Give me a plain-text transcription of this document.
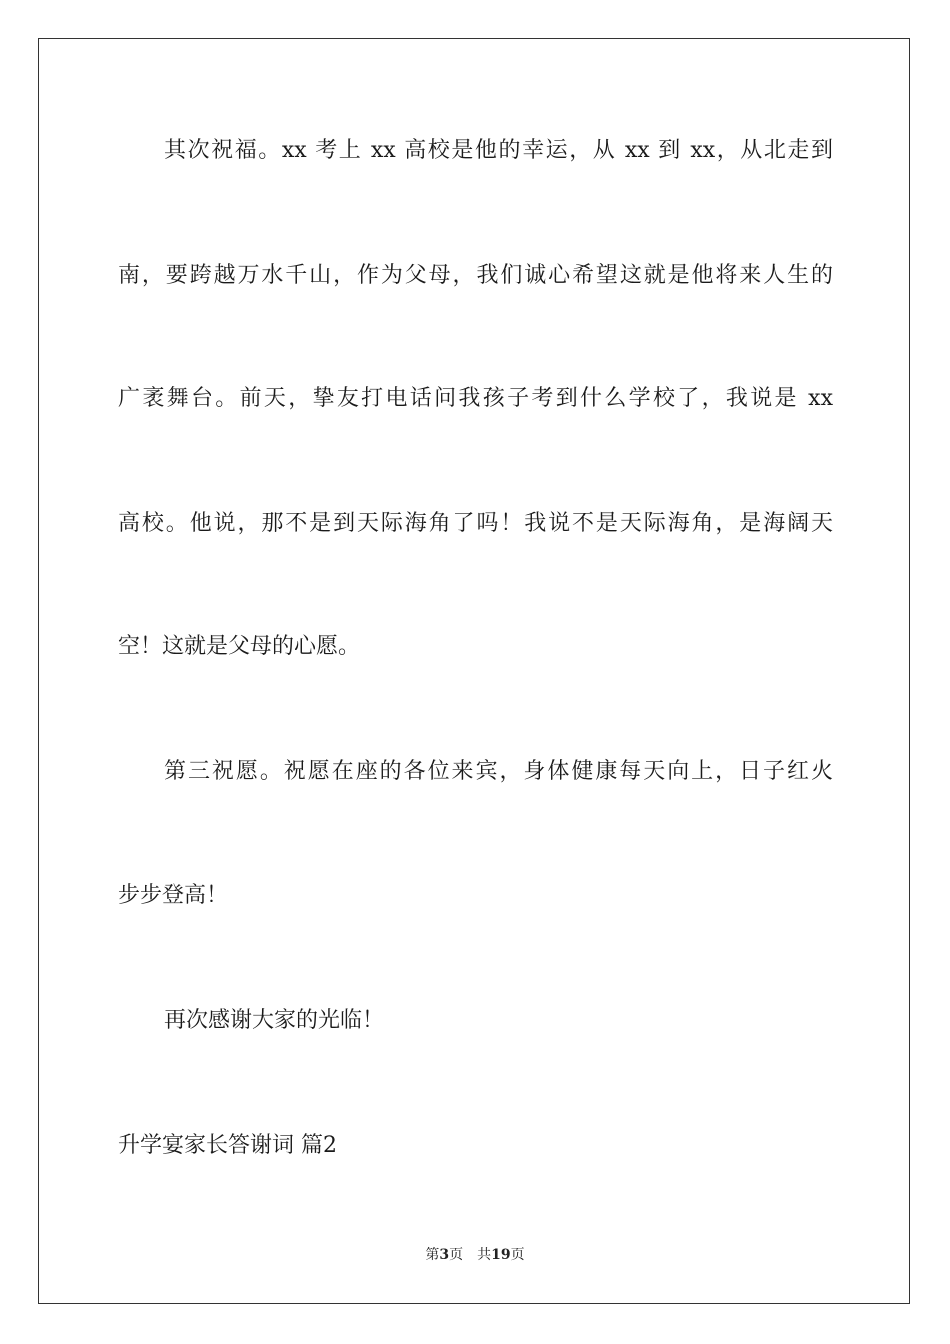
其次祝福。xx 考上 xx 高校是他的幸运，从 xx 到 xx，从北走到
南，要跨越万水千山，作为父母，我们诚心希望这就是他将来人生的
广袤舞台。前天，挚友打电话问我孩子考到什么学校了，我说是 xx
高校。他说，那不是到天际海角了吗！我说不是天际海角，是海阔天
空！这就是父母的心愿。
第三祝愿。祝愿在座的各位来宾，身体健康每天向上，日子红火
步步登高！
再次感谢大家的光临！
升学宴家长答谢词 篇2
第3页 共19页
